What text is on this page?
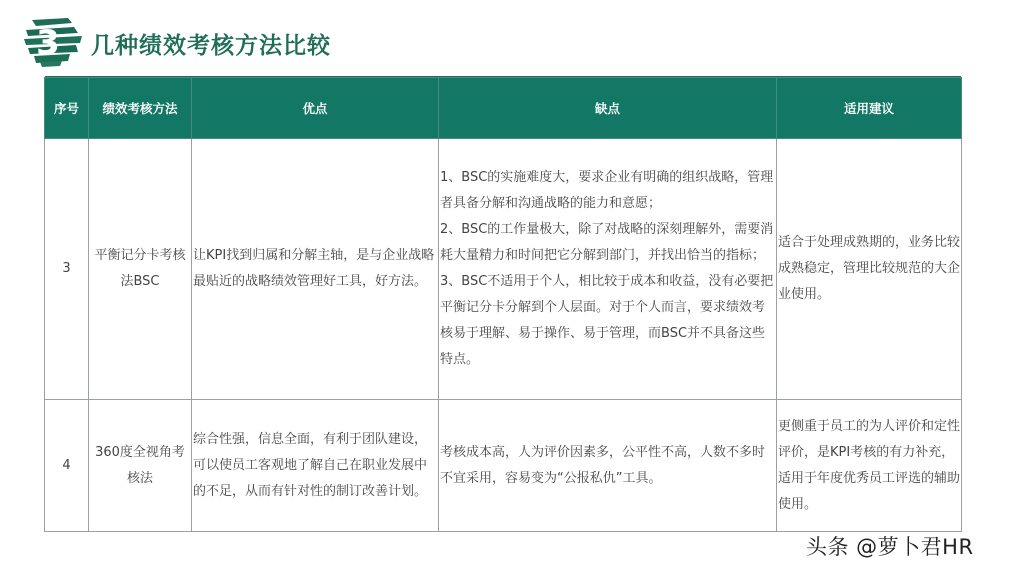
3 几种绩效考核方法比较
序号	绩效考核方法	优点	缺点	适用建议
3	平衡记分卡考核法BSC	让KPI找到归属和分解主轴，是与企业战略最贴近的战略绩效管理好工具，好方法。	1、BSC的实施难度大，要求企业有明确的组织战略，管理者具备分解和沟通战略的能力和意愿；
2、BSC的工作量极大，除了对战略的深刻理解外，需要消耗大量精力和时间把它分解到部门，并找出恰当的指标；
3、BSC不适用于个人，相比较于成本和收益，没有必要把平衡记分卡分解到个人层面。对于个人而言，要求绩效考核易于理解、易于操作、易于管理，而BSC并不具备这些特点。	适合于处理成熟期的，业务比较成熟稳定，管理比较规范的大企业使用。
4	360度全视角考核法	综合性强，信息全面，有利于团队建设，可以使员工客观地了解自己在职业发展中的不足，从而有针对性的制订改善计划。	考核成本高，人为评价因素多，公平性不高，人数不多时不宜采用，容易变为“公报私仇”工具。	更侧重于员工的为人评价和定性评价，是KPI考核的有力补充，适用于年度优秀员工评选的辅助使用。
头条 @萝卜君HR
